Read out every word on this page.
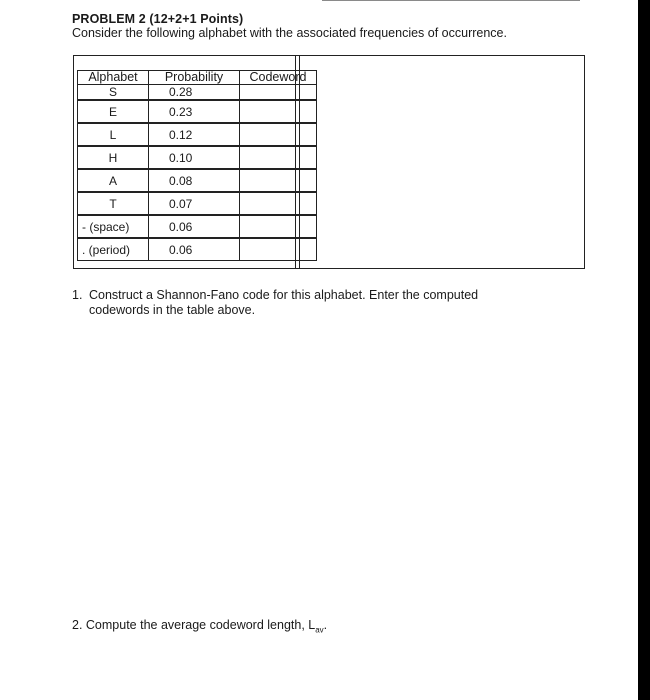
PROBLEM 2 (12+2+1 Points)
Consider the following alphabet with the associated frequencies of occurrence.
Alphabet	Probability	Codeword
S	0.28	
E	0.23	
L	0.12	
H	0.10	
A	0.08	
T	0.07	
- (space)	0.06	
. (period)	0.06	
1. Construct a Shannon-Fano code for this alphabet. Enter the computed
codewords in the table above.
2. Compute the average codeword length, $L_{av}$.
